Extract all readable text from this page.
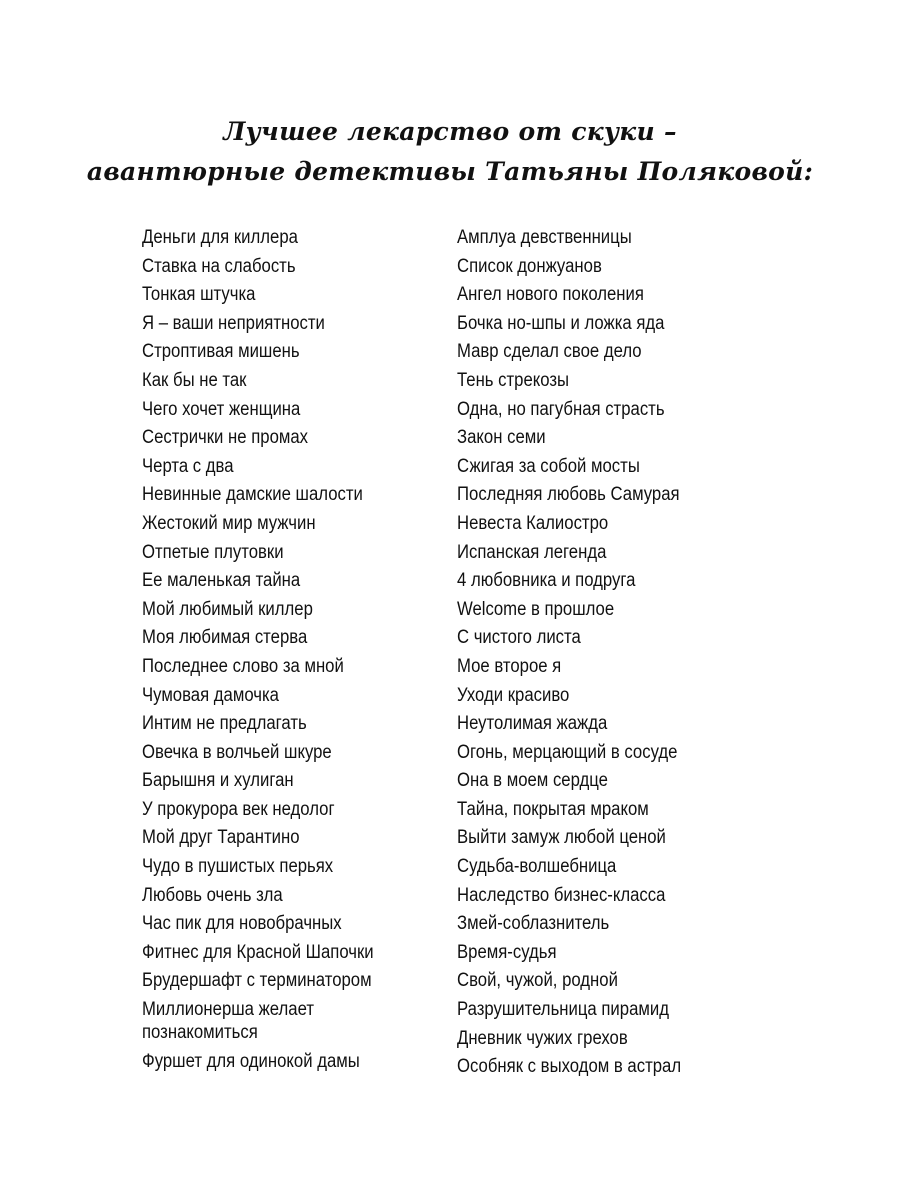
Лучшее лекарство от скуки –
авантюрные детективы Татьяны Поляковой:
Деньги для киллера
Ставка на слабость
Тонкая штучка
Я – ваши неприятности
Строптивая мишень
Как бы не так
Чего хочет женщина
Сестрички не промах
Черта с два
Невинные дамские шалости
Жестокий мир мужчин
Отпетые плутовки
Ее маленькая тайна
Мой любимый киллер
Моя любимая стерва
Последнее слово за мной
Чумовая дамочка
Интим не предлагать
Овечка в волчьей шкуре
Барышня и хулиган
У прокурора век недолог
Мой друг Тарантино
Чудо в пушистых перьях
Любовь очень зла
Час пик для новобрачных
Фитнес для Красной Шапочки
Брудершафт с терминатором
Миллионерша желает познакомиться
Фуршет для одинокой дамы
Амплуа девственницы
Список донжуанов
Ангел нового поколения
Бочка но-шпы и ложка яда
Мавр сделал свое дело
Тень стрекозы
Одна, но пагубная страсть
Закон семи
Сжигая за собой мосты
Последняя любовь Самурая
Невеста Калиостро
Испанская легенда
4 любовника и подруга
Welcome в прошлое
С чистого листа
Мое второе я
Уходи красиво
Неутолимая жажда
Огонь, мерцающий в сосуде
Она в моем сердце
Тайна, покрытая мраком
Выйти замуж любой ценой
Судьба-волшебница
Наследство бизнес-класса
Змей-соблазнитель
Время-судья
Свой, чужой, родной
Разрушительница пирамид
Дневник чужих грехов
Особняк с выходом в астрал
